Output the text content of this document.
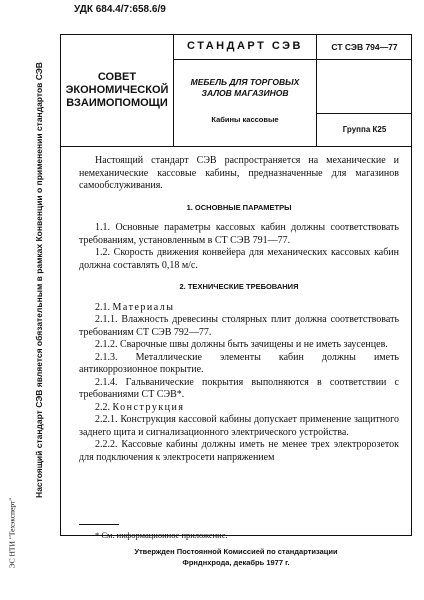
УДК 684.4/7:658.6/9
Настоящий стандарт СЭВ является обязательным в рамках Конвенции о применении стандартов СЭВ
ЭС НТИ "Техэксперт"
СОВЕТ
ЭКОНОМИЧЕСКОЙ
ВЗАИМОПОМОЩИ
СТАНДАРТ СЭВ	СТ СЭВ 794—77
МЕБЕЛЬ ДЛЯ ТОРГОВЫХ
ЗАЛОВ МАГАЗИНОВ
Кабины кассовые
Группа К25

Настоящий стандарт СЭВ распространяется на механические и немеханические кассовые кабины, предназначенные для магазинов самообслуживания.

1. ОСНОВНЫЕ ПАРАМЕТРЫ

1.1. Основные параметры кассовых кабин должны соответствовать требованиям, установленным в СТ СЭВ 791—77.

1.2. Скорость движения конвейера для механических кассовых кабин должна составлять 0,18 м/с.

2. ТЕХНИЧЕСКИЕ ТРЕБОВАНИЯ

2.1. Материалы

2.1.1. Влажность древесины столярных плит должна соответствовать требованиям СТ СЭВ 792—77.

2.1.2. Сварочные швы должны быть зачищены и не иметь заусенцев.

2.1.3. Металлические элементы кабин должны иметь антикоррозионное покрытие.

2.1.4. Гальванические покрытия выполняются в соответствии с требованиями СТ СЭВ*.

2.2. Конструкция

2.2.1. Конструкция кассовой кабины допускает применение защитного заднего щита и сигнализационного электрического устройства.

2.2.2. Кассовые кабины должны иметь не менее трех электророзеток для подключения к электросети напряжением

* См. информационное приложение.
Утвержден Постоянной Комиссией по стандартизации
Фрнднхрода, декабрь 1977 г.
